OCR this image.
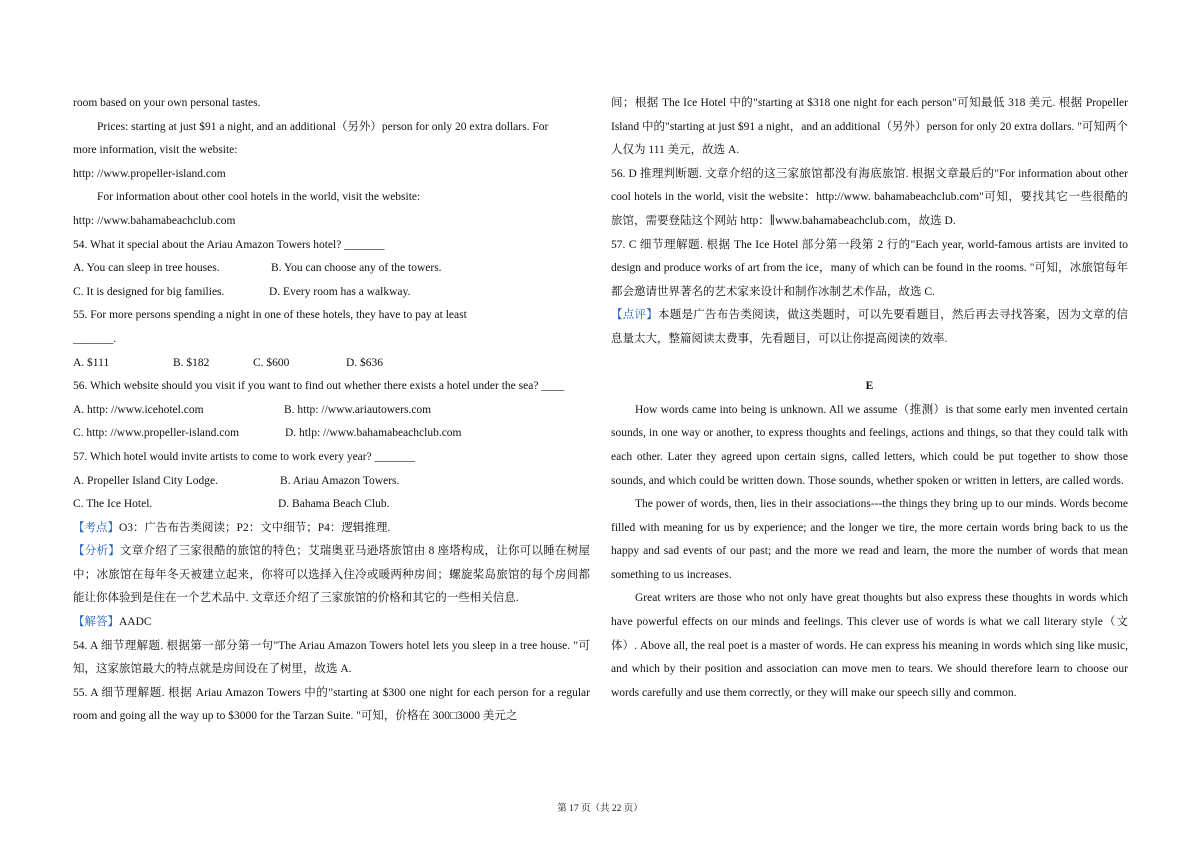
room based on your own personal tastes.

Prices: starting at just $91 a night, and an additional（另外）person for only 20 extra dollars. For

more information, visit the website:

http: //www.propeller-island.com

For information about other cool hotels in the world, visit the website:

http: //www.bahamabeachclub.com

54. What it special about the Ariau Amazon Towers hotel? _______

A. You can sleep in tree houses.	B. You can choose any of the towers.
C. It is designed for big families.	D. Every room has a walkway.

55. For more persons spending a night in one of these hotels, they have to pay at least

_______.

A. $111	B. $182	C. $600	D. $636

56. Which website should you visit if you want to find out whether there exists a hotel under the sea? ____

A. http: //www.icehotel.com	B. http: //www.ariautowers.com
C. http: //www.propeller-island.com	D. htlp: //www.bahamabeachclub.com

57. Which hotel would invite artists to come to work every year? _______

A. Propeller Island City Lodge.	B. Ariau Amazon Towers.
C. The Ice Hotel.	D. Bahama Beach Club.

【考点】O3：广告布告类阅读；P2：文中细节；P4：逻辑推理.

【分析】文章介绍了三家很酷的旅馆的特色；艾瑞奥亚马逊塔旅馆由 8 座塔构成，让你可以睡在树屋中；冰旅馆在每年冬天被建立起来，你将可以选择入住冷或暖两种房间；螺旋桨岛旅馆的每个房间都能让你体验到是住在一个艺术品中. 文章还介绍了三家旅馆的价格和其它的一些相关信息.

【解答】AADC

54. A 细节理解题. 根据第一部分第一句"The Ariau Amazon Towers hotel lets you sleep in a tree house. "可知，这家旅馆最大的特点就是房间设在了树里，故选 A.

55. A 细节理解题. 根据 Ariau Amazon Towers 中的"starting at $300 one night for each person for a regular room and going all the way up to $3000 for the Tarzan Suite. "可知，价格在 300□3000 美元之

间；根据 The Ice Hotel 中的"starting at $318 one night for each person"可知最低 318 美元. 根据 Propeller Island 中的"starting at just $91 a night，and an additional（另外）person for only 20 extra dollars. "可知两个人仅为 111 美元，故选 A.

56. D 推理判断题. 文章介绍的这三家旅馆都没有海底旅馆. 根据文章最后的"For information about other cool hotels in the world, visit the website：http://www. bahamabeachclub.com"可知，要找其它一些很酷的旅馆，需要登陆这个网站 http：∥www.bahamabeachclub.com，故选 D.

57. C 细节理解题. 根据 The Ice Hotel 部分第一段第 2 行的"Each year, world-famous artists are invited to design and produce works of art from the ice，many of which can be found in the rooms. "可知，冰旅馆每年都会邀请世界著名的艺术家来设计和制作冰制艺术作品，故选 C.

【点评】本题是广告布告类阅读，做这类题时，可以先要看题目，然后再去寻找答案，因为文章的信息量太大，整篇阅读太费事，先看题目，可以让你提高阅读的效率.

E

How words came into being is unknown. All we assume（推测）is that some early men invented certain sounds, in one way or another, to express thoughts and feelings, actions and things, so that they could talk with each other. Later they agreed upon certain signs, called letters, which could be put together to show those sounds, and which could be written down. Those sounds, whether spoken or written in letters, are called words.

The power of words, then, lies in their associations---the things they bring up to our minds. Words become filled with meaning for us by experience; and the longer we tire, the more certain words bring back to us the happy and sad events of our past; and the more we read and learn, the more the number of words that mean something to us increases.

Great writers are those who not only have great thoughts but also express these thoughts in words which have powerful effects on our minds and feelings. This clever use of words is what we call literary style（文体）. Above all, the real poet is a master of words. He can express his meaning in words which sing like music, and which by their position and association can move men to tears. We should therefore learn to choose our words carefully and use them correctly, or they will make our speech silly and common.

第 17 页（共 22 页）
